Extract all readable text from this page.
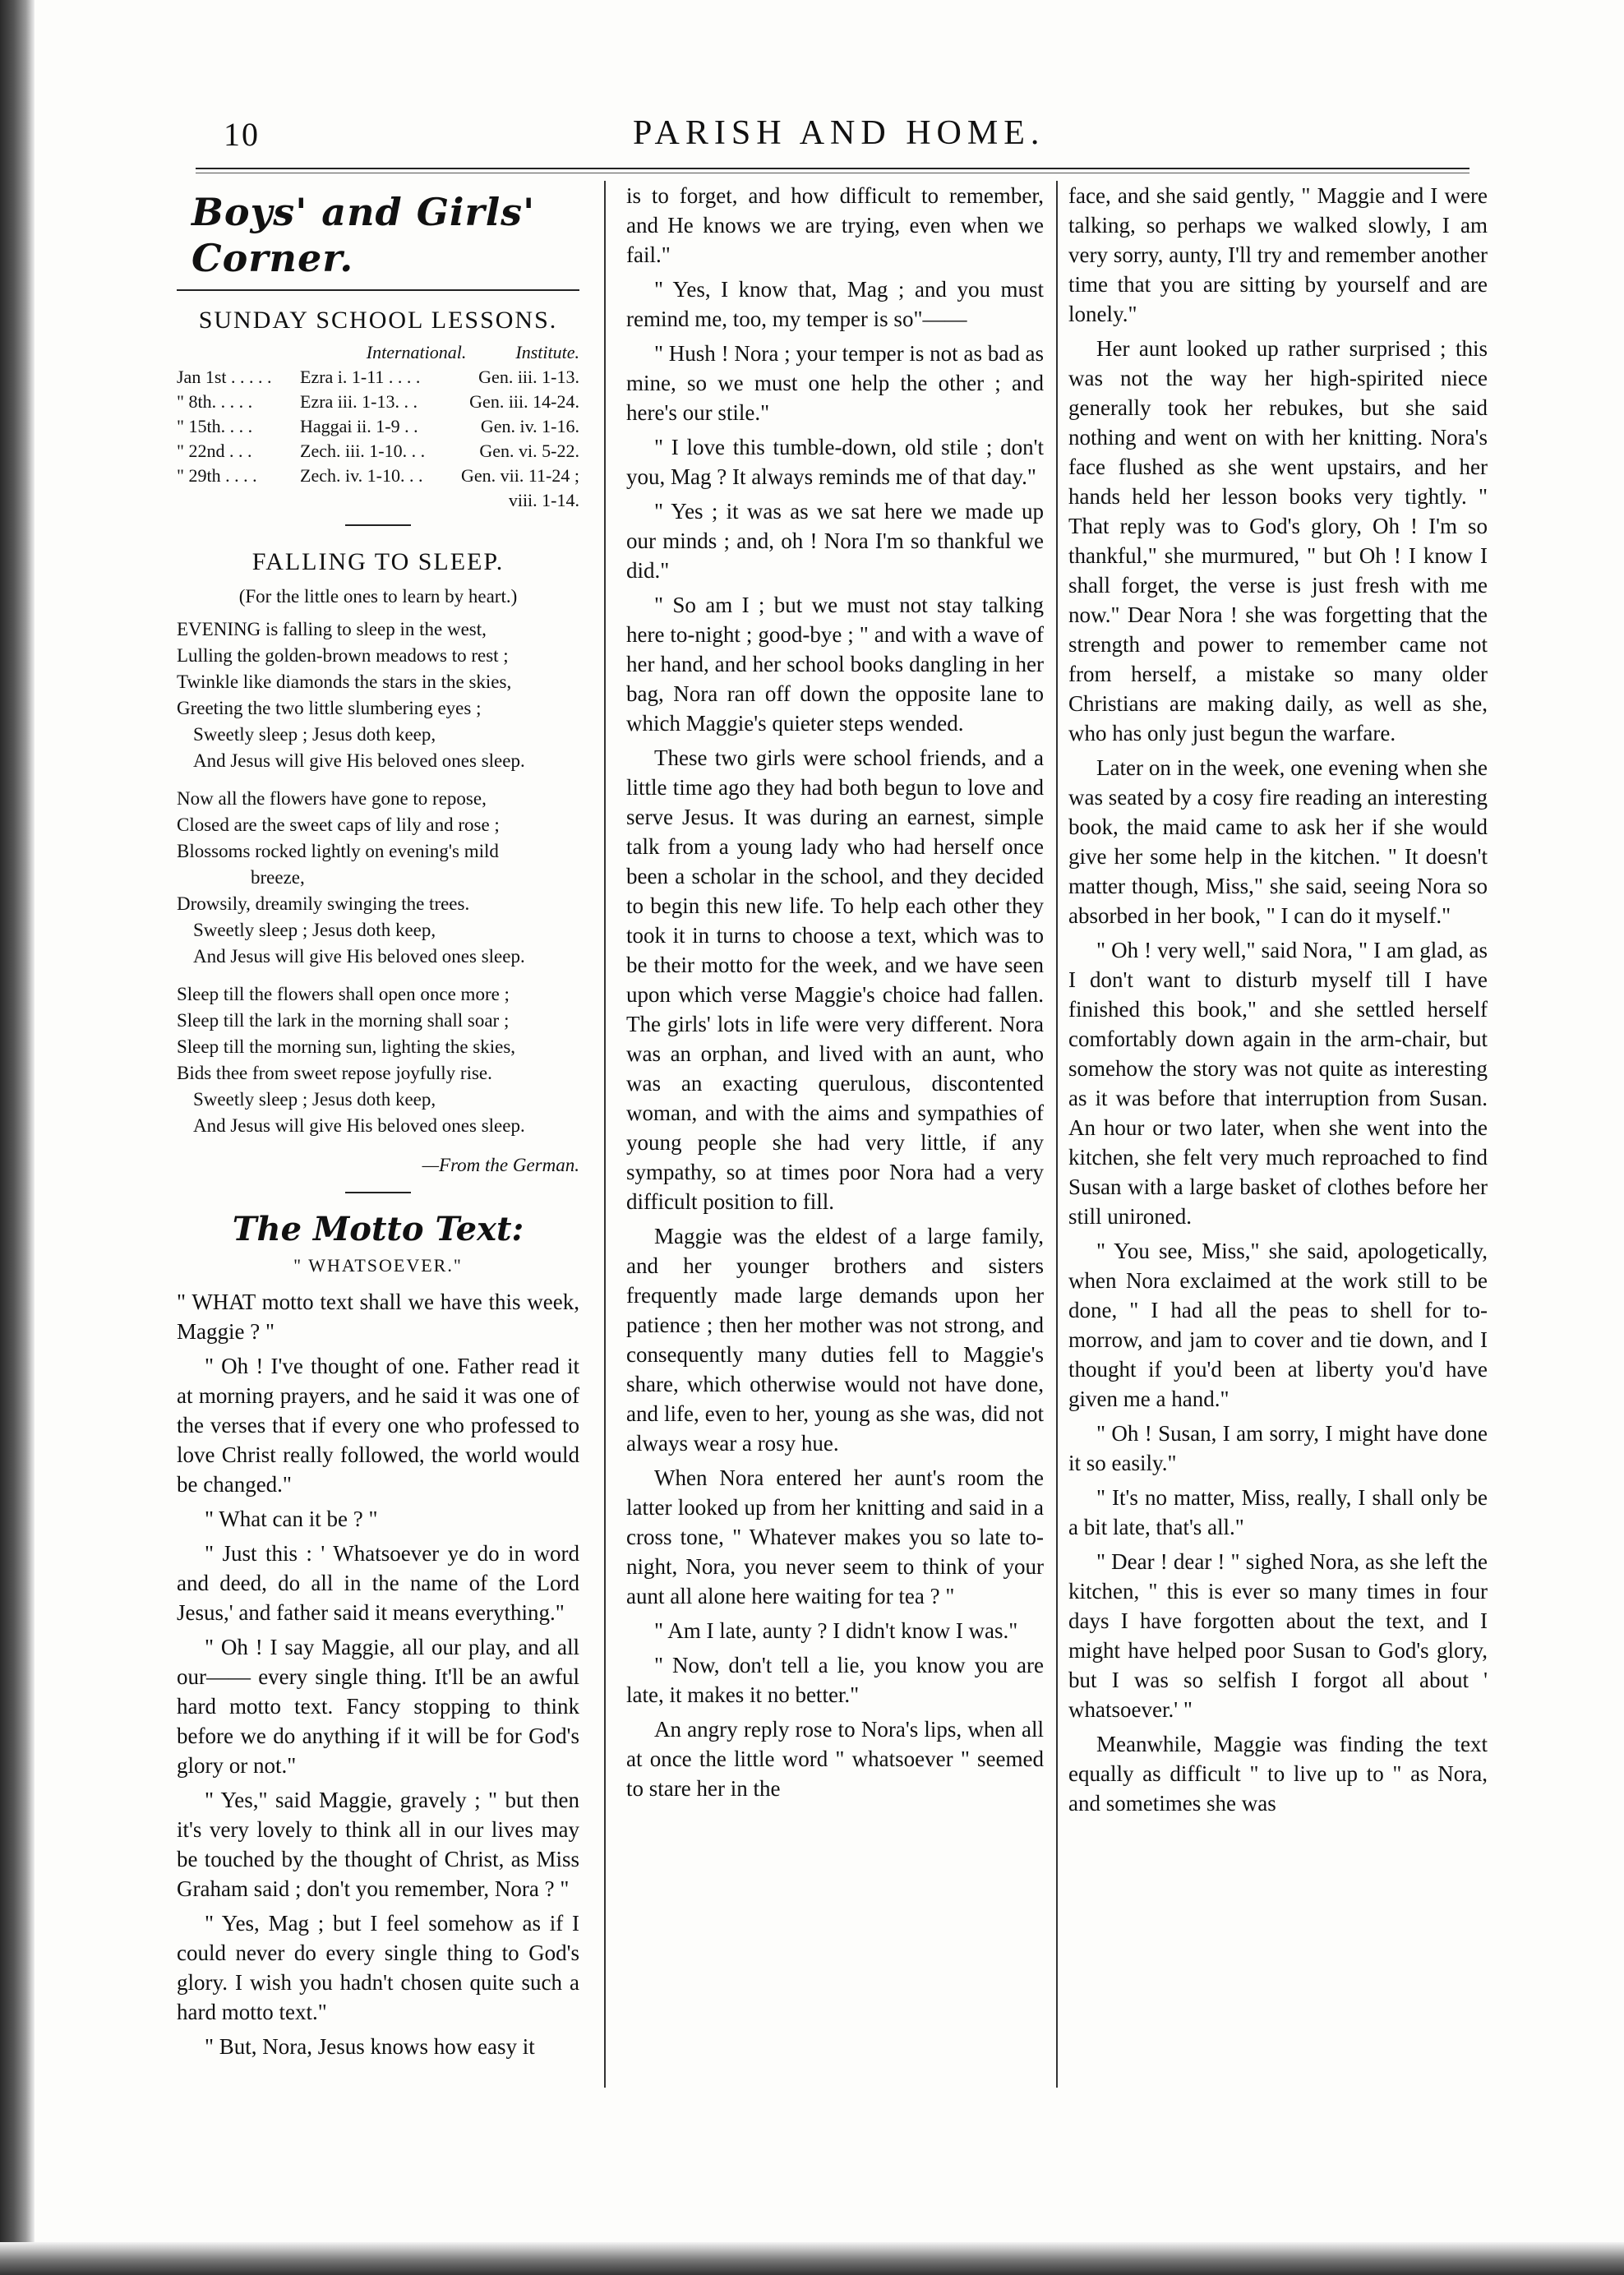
10	PARISH AND HOME.
Boys' and Girls' Corner.
SUNDAY SCHOOL LESSONS.
International.	Institute.
Jan 1st . . . . .	Ezra i. 1-11 . . . .	Gen. iii. 1-13.
" 8th. . . . .	Ezra iii. 1-13. . .	Gen. iii. 14-24.
" 15th. . . .	Haggai ii. 1-9 . .	Gen. iv. 1-16.
" 22nd . . .	Zech. iii. 1-10. . .	Gen. vi. 5-22.
" 29th . . . .	Zech. iv. 1-10. . .	Gen. vii. 11-24 ;
viii. 1-14.
FALLING TO SLEEP.
(For the little ones to learn by heart.)
EVENING is falling to sleep in the west,
Lulling the golden-brown meadows to rest ;
Twinkle like diamonds the stars in the skies,
Greeting the two little slumbering eyes ;
Sweetly sleep ; Jesus doth keep,
And Jesus will give His beloved ones sleep.
Now all the flowers have gone to repose,
Closed are the sweet caps of lily and rose ;
Blossoms rocked lightly on evening's mild
breeze,
Drowsily, dreamily swinging the trees.
Sweetly sleep ; Jesus doth keep,
And Jesus will give His beloved ones sleep.
Sleep till the flowers shall open once more ;
Sleep till the lark in the morning shall soar ;
Sleep till the morning sun, lighting the skies,
Bids thee from sweet repose joyfully rise.
Sweetly sleep ; Jesus doth keep,
And Jesus will give His beloved ones sleep.
—From the German.
The Motto Text:
" WHATSOEVER."

" WHAT motto text shall we have this week, Maggie ? "

" Oh ! I've thought of one. Father read it at morning prayers, and he said it was one of the verses that if every one who professed to love Christ really followed, the world would be changed."

" What can it be ? "

" Just this : ' Whatsoever ye do in word and deed, do all in the name of the Lord Jesus,' and father said it means everything."

" Oh ! I say Maggie, all our play, and all our—— every single thing. It'll be an awful hard motto text. Fancy stopping to think before we do anything if it will be for God's glory or not."

" Yes," said Maggie, gravely ; " but then it's very lovely to think all in our lives may be touched by the thought of Christ, as Miss Graham said ; don't you remember, Nora ? "

" Yes, Mag ; but I feel somehow as if I could never do every single thing to God's glory. I wish you hadn't chosen quite such a hard motto text."

" But, Nora, Jesus knows how easy it

is to forget, and how difficult to remember, and He knows we are trying, even when we fail."

" Yes, I know that, Mag ; and you must remind me, too, my temper is so"——

" Hush ! Nora ; your temper is not as bad as mine, so we must one help the other ; and here's our stile."

" I love this tumble-down, old stile ; don't you, Mag ? It always reminds me of that day."

" Yes ; it was as we sat here we made up our minds ; and, oh ! Nora I'm so thankful we did."

" So am I ; but we must not stay talking here to-night ; good-bye ; " and with a wave of her hand, and her school books dangling in her bag, Nora ran off down the opposite lane to which Maggie's quieter steps wended.

These two girls were school friends, and a little time ago they had both begun to love and serve Jesus. It was during an earnest, simple talk from a young lady who had herself once been a scholar in the school, and they decided to begin this new life. To help each other they took it in turns to choose a text, which was to be their motto for the week, and we have seen upon which verse Maggie's choice had fallen. The girls' lots in life were very different. Nora was an orphan, and lived with an aunt, who was an exacting querulous, discontented woman, and with the aims and sympathies of young people she had very little, if any sympathy, so at times poor Nora had a very difficult position to fill.

Maggie was the eldest of a large family, and her younger brothers and sisters frequently made large demands upon her patience ; then her mother was not strong, and consequently many duties fell to Maggie's share, which otherwise would not have done, and life, even to her, young as she was, did not always wear a rosy hue.

When Nora entered her aunt's room the latter looked up from her knitting and said in a cross tone, " Whatever makes you so late to-night, Nora, you never seem to think of your aunt all alone here waiting for tea ? "

" Am I late, aunty ? I didn't know I was."

" Now, don't tell a lie, you know you are late, it makes it no better."

An angry reply rose to Nora's lips, when all at once the little word " whatsoever " seemed to stare her in the

face, and she said gently, " Maggie and I were talking, so perhaps we walked slowly, I am very sorry, aunty, I'll try and remember another time that you are sitting by yourself and are lonely."

Her aunt looked up rather surprised ; this was not the way her high-spirited niece generally took her rebukes, but she said nothing and went on with her knitting. Nora's face flushed as she went upstairs, and her hands held her lesson books very tightly. " That reply was to God's glory, Oh ! I'm so thankful," she murmured, " but Oh ! I know I shall forget, the verse is just fresh with me now." Dear Nora ! she was forgetting that the strength and power to remember came not from herself, a mistake so many older Christians are making daily, as well as she, who has only just begun the warfare.

Later on in the week, one evening when she was seated by a cosy fire reading an interesting book, the maid came to ask her if she would give her some help in the kitchen. " It doesn't matter though, Miss," she said, seeing Nora so absorbed in her book, " I can do it myself."

" Oh ! very well," said Nora, " I am glad, as I don't want to disturb myself till I have finished this book," and she settled herself comfortably down again in the arm-chair, but somehow the story was not quite as interesting as it was before that interruption from Susan. An hour or two later, when she went into the kitchen, she felt very much reproached to find Susan with a large basket of clothes before her still unironed.

" You see, Miss," she said, apologetically, when Nora exclaimed at the work still to be done, " I had all the peas to shell for to-morrow, and jam to cover and tie down, and I thought if you'd been at liberty you'd have given me a hand."

" Oh ! Susan, I am sorry, I might have done it so easily."

" It's no matter, Miss, really, I shall only be a bit late, that's all."

" Dear ! dear ! " sighed Nora, as she left the kitchen, " this is ever so many times in four days I have forgotten about the text, and I might have helped poor Susan to God's glory, but I was so selfish I forgot all about ' whatsoever.' "

Meanwhile, Maggie was finding the text equally as difficult " to live up to " as Nora, and sometimes she was
